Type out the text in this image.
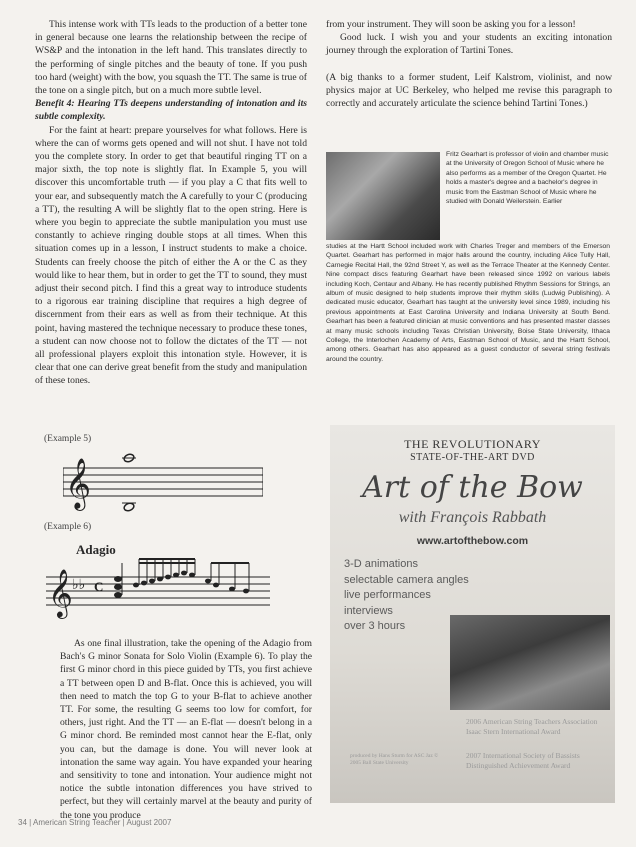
This intense work with TTs leads to the production of a better tone in general because one learns the relationship between the recipe of WS&P and the intonation in the left hand. This translates directly to the performing of single pitches and the beauty of tone. If you push too hard (weight) with the bow, you squash the TT. The same is true of the tone on a single pitch, but on a much more subtle level.

Benefit 4: Hearing TTs deepens understanding of intonation and its subtle complexity.

For the faint at heart: prepare yourselves for what follows. Here is where the can of worms gets opened and will not shut. I have not told you the complete story. In order to get that beautiful ringing TT on a major sixth, the top note is slightly flat. In Example 5, you will discover this uncomfortable truth — if you play a C that fits well to your ear, and subsequently match the A carefully to your C (producing a TT), the resulting A will be slightly flat to the open string. Here is where you begin to appreciate the subtle manipulation you must use constantly to achieve ringing double stops at all times. When this situation comes up in a lesson, I instruct students to make a choice. Students can freely choose the pitch of either the A or the C as they would like to hear them, but in order to get the TT to sound, they must adjust their second pitch. I find this a great way to introduce students to a rigorous ear training discipline that requires a high degree of discernment from their ears as well as from their technique. At this point, having mastered the technique necessary to produce these tones, a student can now choose not to follow the dictates of the TT — not all professional players exploit this intonation style. However, it is clear that one can derive great benefit from the study and manipulation of these tones.

from your instrument. They will soon be asking you for a lesson!

Good luck. I wish you and your students an exciting intonation journey through the exploration of Tartini Tones.

(A big thanks to a former student, Leif Kalstrom, violinist, and now physics major at UC Berkeley, who helped me revise this paragraph to correctly and accurately articulate the science behind Tartini Tones.)

Fritz Gearhart is professor of violin and chamber music at the University of Oregon School of Music where he also performs as a member of the Oregon Quartet. He holds a master's degree and a bachelor's degree in music from the Eastman School of Music where he studied with Donald Weilerstein. Earlier
studies at the Hartt School included work with Charles Treger and members of the Emerson Quartet. Gearhart has performed in major halls around the country, including Alice Tully Hall, Carnegie Recital Hall, the 92nd Street Y, as well as the Terrace Theater at the Kennedy Center. Nine compact discs featuring Gearhart have been released since 1992 on various labels including Koch, Centaur and Albany. He has recently published Rhythm Sessions for Strings, an album of music designed to help students improve their rhythm skills (Ludwig Publishing). A dedicated music educator, Gearhart has taught at the university level since 1989, including his previous appointments at East Carolina University and Indiana University at South Bend. Gearhart has been a featured clinician at music conventions and has presented master classes at many music schools including Texas Christian University, Boise State University, Ithaca College, the Interlochen Academy of Arts, Eastman School of Music, and the Hartt School, among others. Gearhart has also appeared as a guest conductor of several string festivals around the country.
(Example 5)
𝄞
(Example 6)
Adagio
𝄞 ♭♭ C

As one final illustration, take the opening of the Adagio from Bach's G minor Sonata for Solo Violin (Example 6). To play the first G minor chord in this piece guided by TTs, you first achieve a TT between open D and B-flat. Once this is achieved, you will then need to match the top G to your B-flat to achieve another TT. For some, the resulting G seems too low for comfort, for others, just right. And the TT — an E-flat — doesn't belong in a G minor chord. Be reminded most cannot hear the E-flat, only you can, but the damage is done. You will never look at intonation the same way again. You have expanded your hearing and sensitivity to tone and intonation. Your audience might not notice the subtle intonation differences you have strived to perfect, but they will certainly marvel at the beauty and purity of the tone you produce

THE REVOLUTIONARY
STATE-OF-THE-ART DVD
Art of the Bow
with François Rabbath
www.artofthebow.com
3-D animations
selectable camera angles
live performances
interviews
over 3 hours
2006 American String Teachers Association Isaac Stern International Award
2007 International Society of Bassists Distinguished Achievement Award
produced by Hans Sturm for ASC Jaz © 2005 Ball State University
34 | American String Teacher | August 2007
